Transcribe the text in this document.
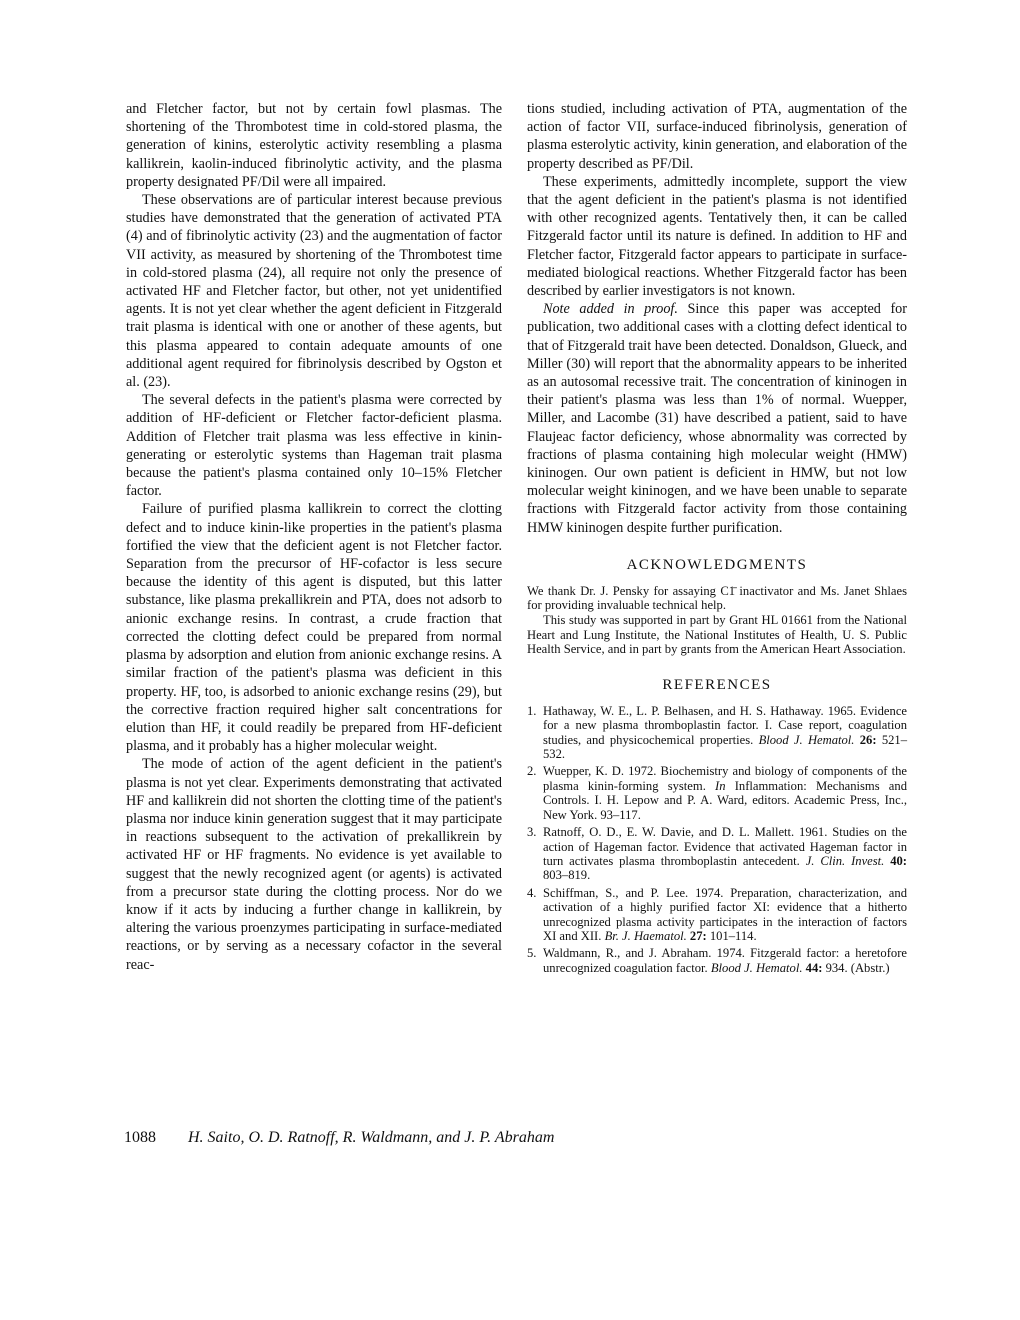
and Fletcher factor, but not by certain fowl plasmas. The shortening of the Thrombotest time in cold-stored plasma, the generation of kinins, esterolytic activity resembling a plasma kallikrein, kaolin-induced fibrinolytic activity, and the plasma property designated PF/Dil were all impaired.

These observations are of particular interest because previous studies have demonstrated that the generation of activated PTA (4) and of fibrinolytic activity (23) and the augmentation of factor VII activity, as measured by shortening of the Thrombotest time in cold-stored plasma (24), all require not only the presence of activated HF and Fletcher factor, but other, not yet unidentified agents. It is not yet clear whether the agent deficient in Fitzgerald trait plasma is identical with one or another of these agents, but this plasma appeared to contain adequate amounts of one additional agent required for fibrinolysis described by Ogston et al. (23).

The several defects in the patient's plasma were corrected by addition of HF-deficient or Fletcher factor-deficient plasma. Addition of Fletcher trait plasma was less effective in kinin-generating or esterolytic systems than Hageman trait plasma because the patient's plasma contained only 10–15% Fletcher factor.

Failure of purified plasma kallikrein to correct the clotting defect and to induce kinin-like properties in the patient's plasma fortified the view that the deficient agent is not Fletcher factor. Separation from the precursor of HF-cofactor is less secure because the identity of this agent is disputed, but this latter substance, like plasma prekallikrein and PTA, does not adsorb to anionic exchange resins. In contrast, a crude fraction that corrected the clotting defect could be prepared from normal plasma by adsorption and elution from anionic exchange resins. A similar fraction of the patient's plasma was deficient in this property. HF, too, is adsorbed to anionic exchange resins (29), but the corrective fraction required higher salt concentrations for elution than HF, it could readily be prepared from HF-deficient plasma, and it probably has a higher molecular weight.

The mode of action of the agent deficient in the patient's plasma is not yet clear. Experiments demonstrating that activated HF and kallikrein did not shorten the clotting time of the patient's plasma nor induce kinin generation suggest that it may participate in reactions subsequent to the activation of prekallikrein by activated HF or HF fragments. No evidence is yet available to suggest that the newly recognized agent (or agents) is activated from a precursor state during the clotting process. Nor do we know if it acts by inducing a further change in kallikrein, by altering the various proenzymes participating in surface-mediated reactions, or by serving as a necessary cofactor in the several reac-

tions studied, including activation of PTA, augmentation of the action of factor VII, surface-induced fibrinolysis, generation of plasma esterolytic activity, kinin generation, and elaboration of the property described as PF/Dil.

These experiments, admittedly incomplete, support the view that the agent deficient in the patient's plasma is not identified with other recognized agents. Tentatively then, it can be called Fitzgerald factor until its nature is defined. In addition to HF and Fletcher factor, Fitzgerald factor appears to participate in surface-mediated biological reactions. Whether Fitzgerald factor has been described by earlier investigators is not known.

Note added in proof. Since this paper was accepted for publication, two additional cases with a clotting defect identical to that of Fitzgerald trait have been detected. Donaldson, Glueck, and Miller (30) will report that the abnormality appears to be inherited as an autosomal recessive trait. The concentration of kininogen in their patient's plasma was less than 1% of normal. Wuepper, Miller, and Lacombe (31) have described a patient, said to have Flaujeac factor deficiency, whose abnormality was corrected by fractions of plasma containing high molecular weight (HMW) kininogen. Our own patient is deficient in HMW, but not low molecular weight kininogen, and we have been unable to separate fractions with Fitzgerald factor activity from those containing HMW kininogen despite further purification.

ACKNOWLEDGMENTS

We thank Dr. J. Pensky for assaying C1̄ inactivator and Ms. Janet Shlaes for providing invaluable technical help.

This study was supported in part by Grant HL 01661 from the National Heart and Lung Institute, the National Institutes of Health, U. S. Public Health Service, and in part by grants from the American Heart Association.

REFERENCES
1. Hathaway, W. E., L. P. Belhasen, and H. S. Hathaway. 1965. Evidence for a new plasma thromboplastin factor. I. Case report, coagulation studies, and physicochemical properties. Blood J. Hematol. 26: 521–532.
2. Wuepper, K. D. 1972. Biochemistry and biology of components of the plasma kinin-forming system. In Inflammation: Mechanisms and Controls. I. H. Lepow and P. A. Ward, editors. Academic Press, Inc., New York. 93–117.
3. Ratnoff, O. D., E. W. Davie, and D. L. Mallett. 1961. Studies on the action of Hageman factor. Evidence that activated Hageman factor in turn activates plasma thromboplastin antecedent. J. Clin. Invest. 40: 803–819.
4. Schiffman, S., and P. Lee. 1974. Preparation, characterization, and activation of a highly purified factor XI: evidence that a hitherto unrecognized plasma activity participates in the interaction of factors XI and XII. Br. J. Haematol. 27: 101–114.
5. Waldmann, R., and J. Abraham. 1974. Fitzgerald factor: a heretofore unrecognized coagulation factor. Blood J. Hematol. 44: 934. (Abstr.)
1088 H. Saito, O. D. Ratnoff, R. Waldmann, and J. P. Abraham
